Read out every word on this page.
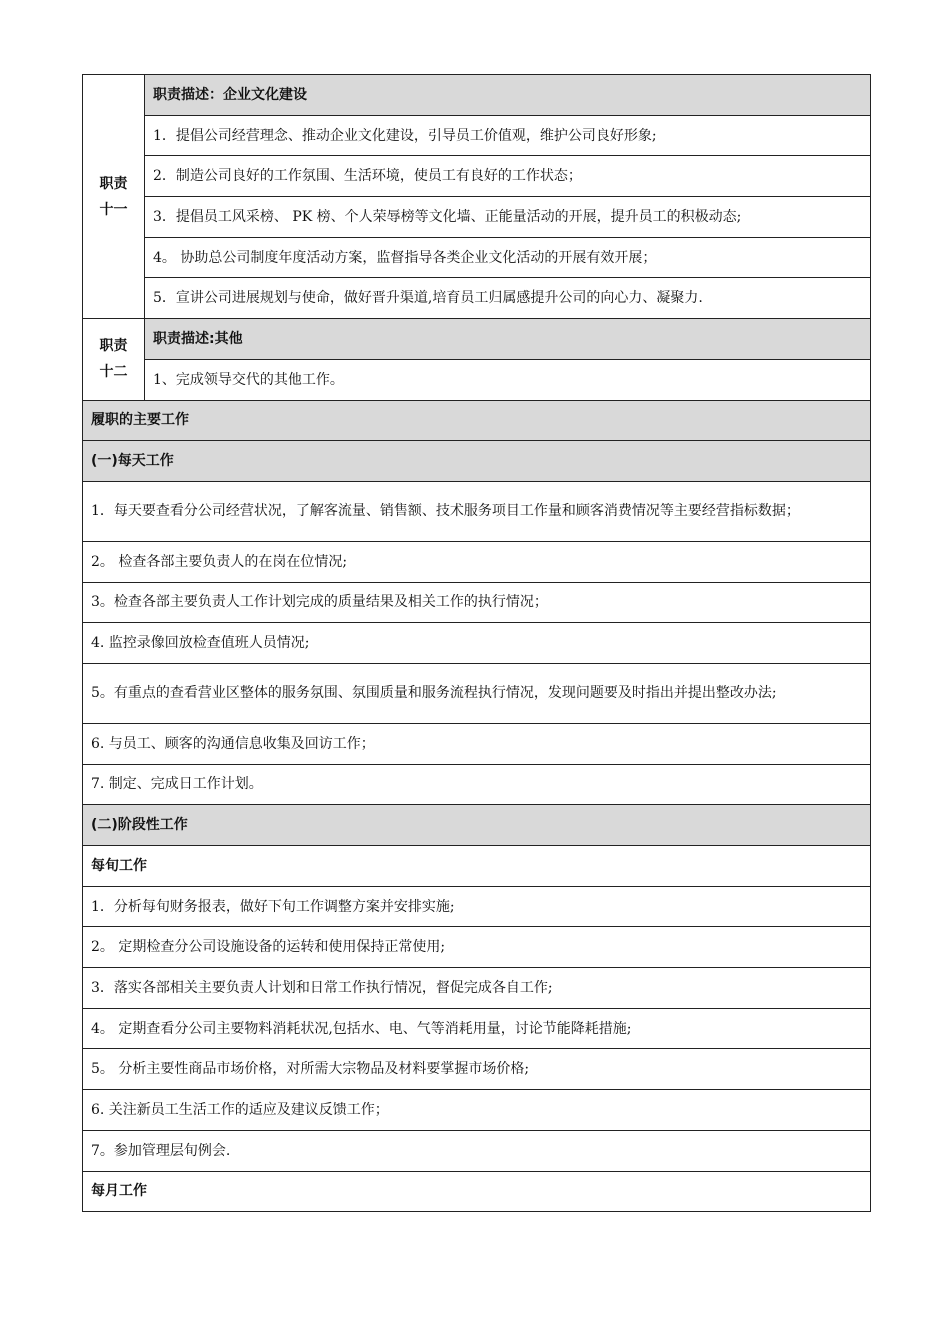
职责
十一	职责描述：企业文化建设
	1．提倡公司经营理念、推动企业文化建设，引导员工价值观，维护公司良好形象;
	2．制造公司良好的工作氛围、生活环境，使员工有良好的工作状态；
	3．提倡员工风采榜、 PK 榜、个人荣辱榜等文化墙、正能量活动的开展，提升员工的积极动态;
	4。 协助总公司制度年度活动方案，监督指导各类企业文化活动的开展有效开展；
	5．宣讲公司进展规划与使命，做好晋升渠道,培育员工归属感提升公司的向心力、凝聚力.
职责
十二	职责描述:其他
	1、完成领导交代的其他工作。
履职的主要工作	
(一)每天工作	
1．每天要查看分公司经营状况，了解客流量、销售额、技术服务项目工作量和顾客消费情况等主要经营指标数据；	
2。 检查各部主要负责人的在岗在位情况;	
3。检查各部主要负责人工作计划完成的质量结果及相关工作的执行情况；	
4. 监控录像回放检查值班人员情况;	
5。有重点的查看营业区整体的服务氛围、氛围质量和服务流程执行情况，发现问题要及时指出并提出整改办法;	
6. 与员工、顾客的沟通信息收集及回访工作；	
7. 制定、完成日工作计划。	
(二)阶段性工作	
每旬工作	
1．分析每旬财务报表，做好下旬工作调整方案并安排实施;	
2。 定期检查分公司设施设备的运转和使用保持正常使用;	
3．落实各部相关主要负责人计划和日常工作执行情况，督促完成各自工作;	
4。 定期查看分公司主要物料消耗状况,包括水、电、气等消耗用量，讨论节能降耗措施;	
5。 分析主要性商品市场价格，对所需大宗物品及材料要掌握市场价格;	
6. 关注新员工生活工作的适应及建议反馈工作；	
7。参加管理层旬例会.	
每月工作	
